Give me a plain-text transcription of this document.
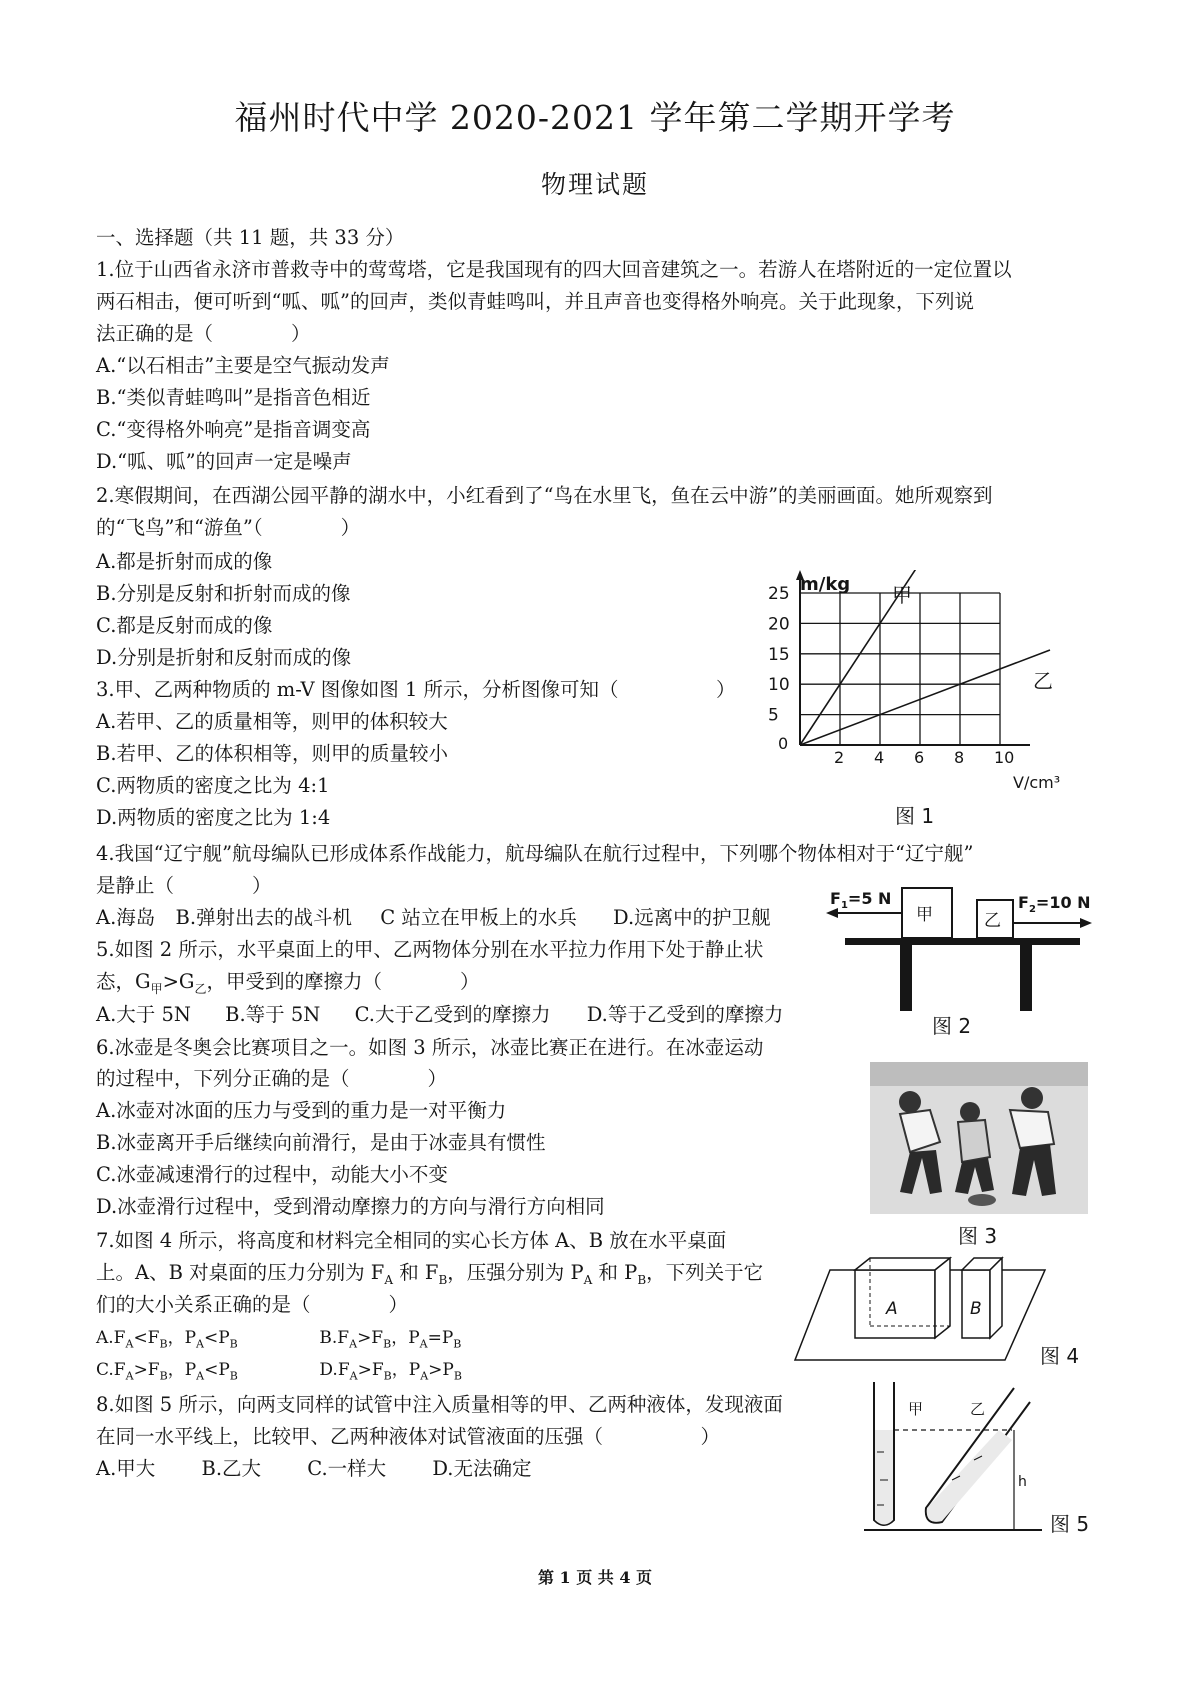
福州时代中学 2020-2021 学年第二学期开学考
物理试题
一、选择题（共 11 题，共 33 分）
1.位于山西省永济市普救寺中的莺莺塔，它是我国现有的四大回音建筑之一。若游人在塔附近的一定位置以
两石相击，便可听到“呱、呱”的回声，类似青蛙鸣叫，并且声音也变得格外响亮。关于此现象，下列说
法正确的是（　　　　）
A.“以石相击”主要是空气振动发声
B.“类似青蛙鸣叫”是指音色相近
C.“变得格外响亮”是指音调变高
D.“呱、呱”的回声一定是噪声
2.寒假期间，在西湖公园平静的湖水中，小红看到了“鸟在水里飞，鱼在云中游”的美丽画面。她所观察到
的“飞鸟”和“游鱼”（　　　　）
A.都是折射而成的像
B.分别是反射和折射而成的像
C.都是反射而成的像
D.分别是折射和反射而成的像
3.甲、乙两种物质的 m-V 图像如图 1 所示，分析图像可知（　　　　　）
A.若甲、乙的质量相等，则甲的体积较大
B.若甲、乙的体积相等，则甲的质量较小
C.两物质的密度之比为 4:1
D.两物质的密度之比为 1:4
4.我国“辽宁舰”航母编队已形成体系作战能力，航母编队在航行过程中，下列哪个物体相对于“辽宁舰”
是静止（　　　　）
A.海岛 B.弹射出去的战斗机 C 站立在甲板上的水兵 D.远离中的护卫舰
5.如图 2 所示，水平桌面上的甲、乙两物体分别在水平拉力作用下处于静止状
态，$G_甲>G_乙$，甲受到的摩擦力（　　　　）
A.大于 5N B.等于 5N C.大于乙受到的摩擦力 D.等于乙受到的摩擦力
6.冰壶是冬奥会比赛项目之一。如图 3 所示，冰壶比赛正在进行。在冰壶运动
的过程中，下列分正确的是（　　　　）
A.冰壶对冰面的压力与受到的重力是一对平衡力
B.冰壶离开手后继续向前滑行，是由于冰壶具有惯性
C.冰壶减速滑行的过程中，动能大小不变
D.冰壶滑行过程中，受到滑动摩擦力的方向与滑行方向相同
7.如图 4 所示，将高度和材料完全相同的实心长方体 A、B 放在水平桌面
上。A、B 对桌面的压力分别为 $F_A$ 和 $F_B$，压强分别为 $P_A$ 和 $P_B$，下列关于它
们的大小关系正确的是（　　　　）
$A.F_A<F_B$，$P_A<P_B$	$B.F_A>F_B$，$P_A=P_B$
$C.F_A>F_B$，$P_A<P_B$	$D.F_A>F_B$，$P_A>P_B$
8.如图 5 所示，向两支同样的试管中注入质量相等的甲、乙两种液体，发现液面
在同一水平线上，比较甲、乙两种液体对试管液面的压强（　　　　　）
A.甲大 B.乙大 C.一样大 D.无法确定
0
2 4 6 8 10
5
10
15
20
25 m/kg
V/cm³
甲
乙
图 1
甲	乙
$F_1=5$ N	$F_2=10$ N
图 2
图 3
A	B
图 4
甲	乙
h
图 5
第 1 页 共 4 页
